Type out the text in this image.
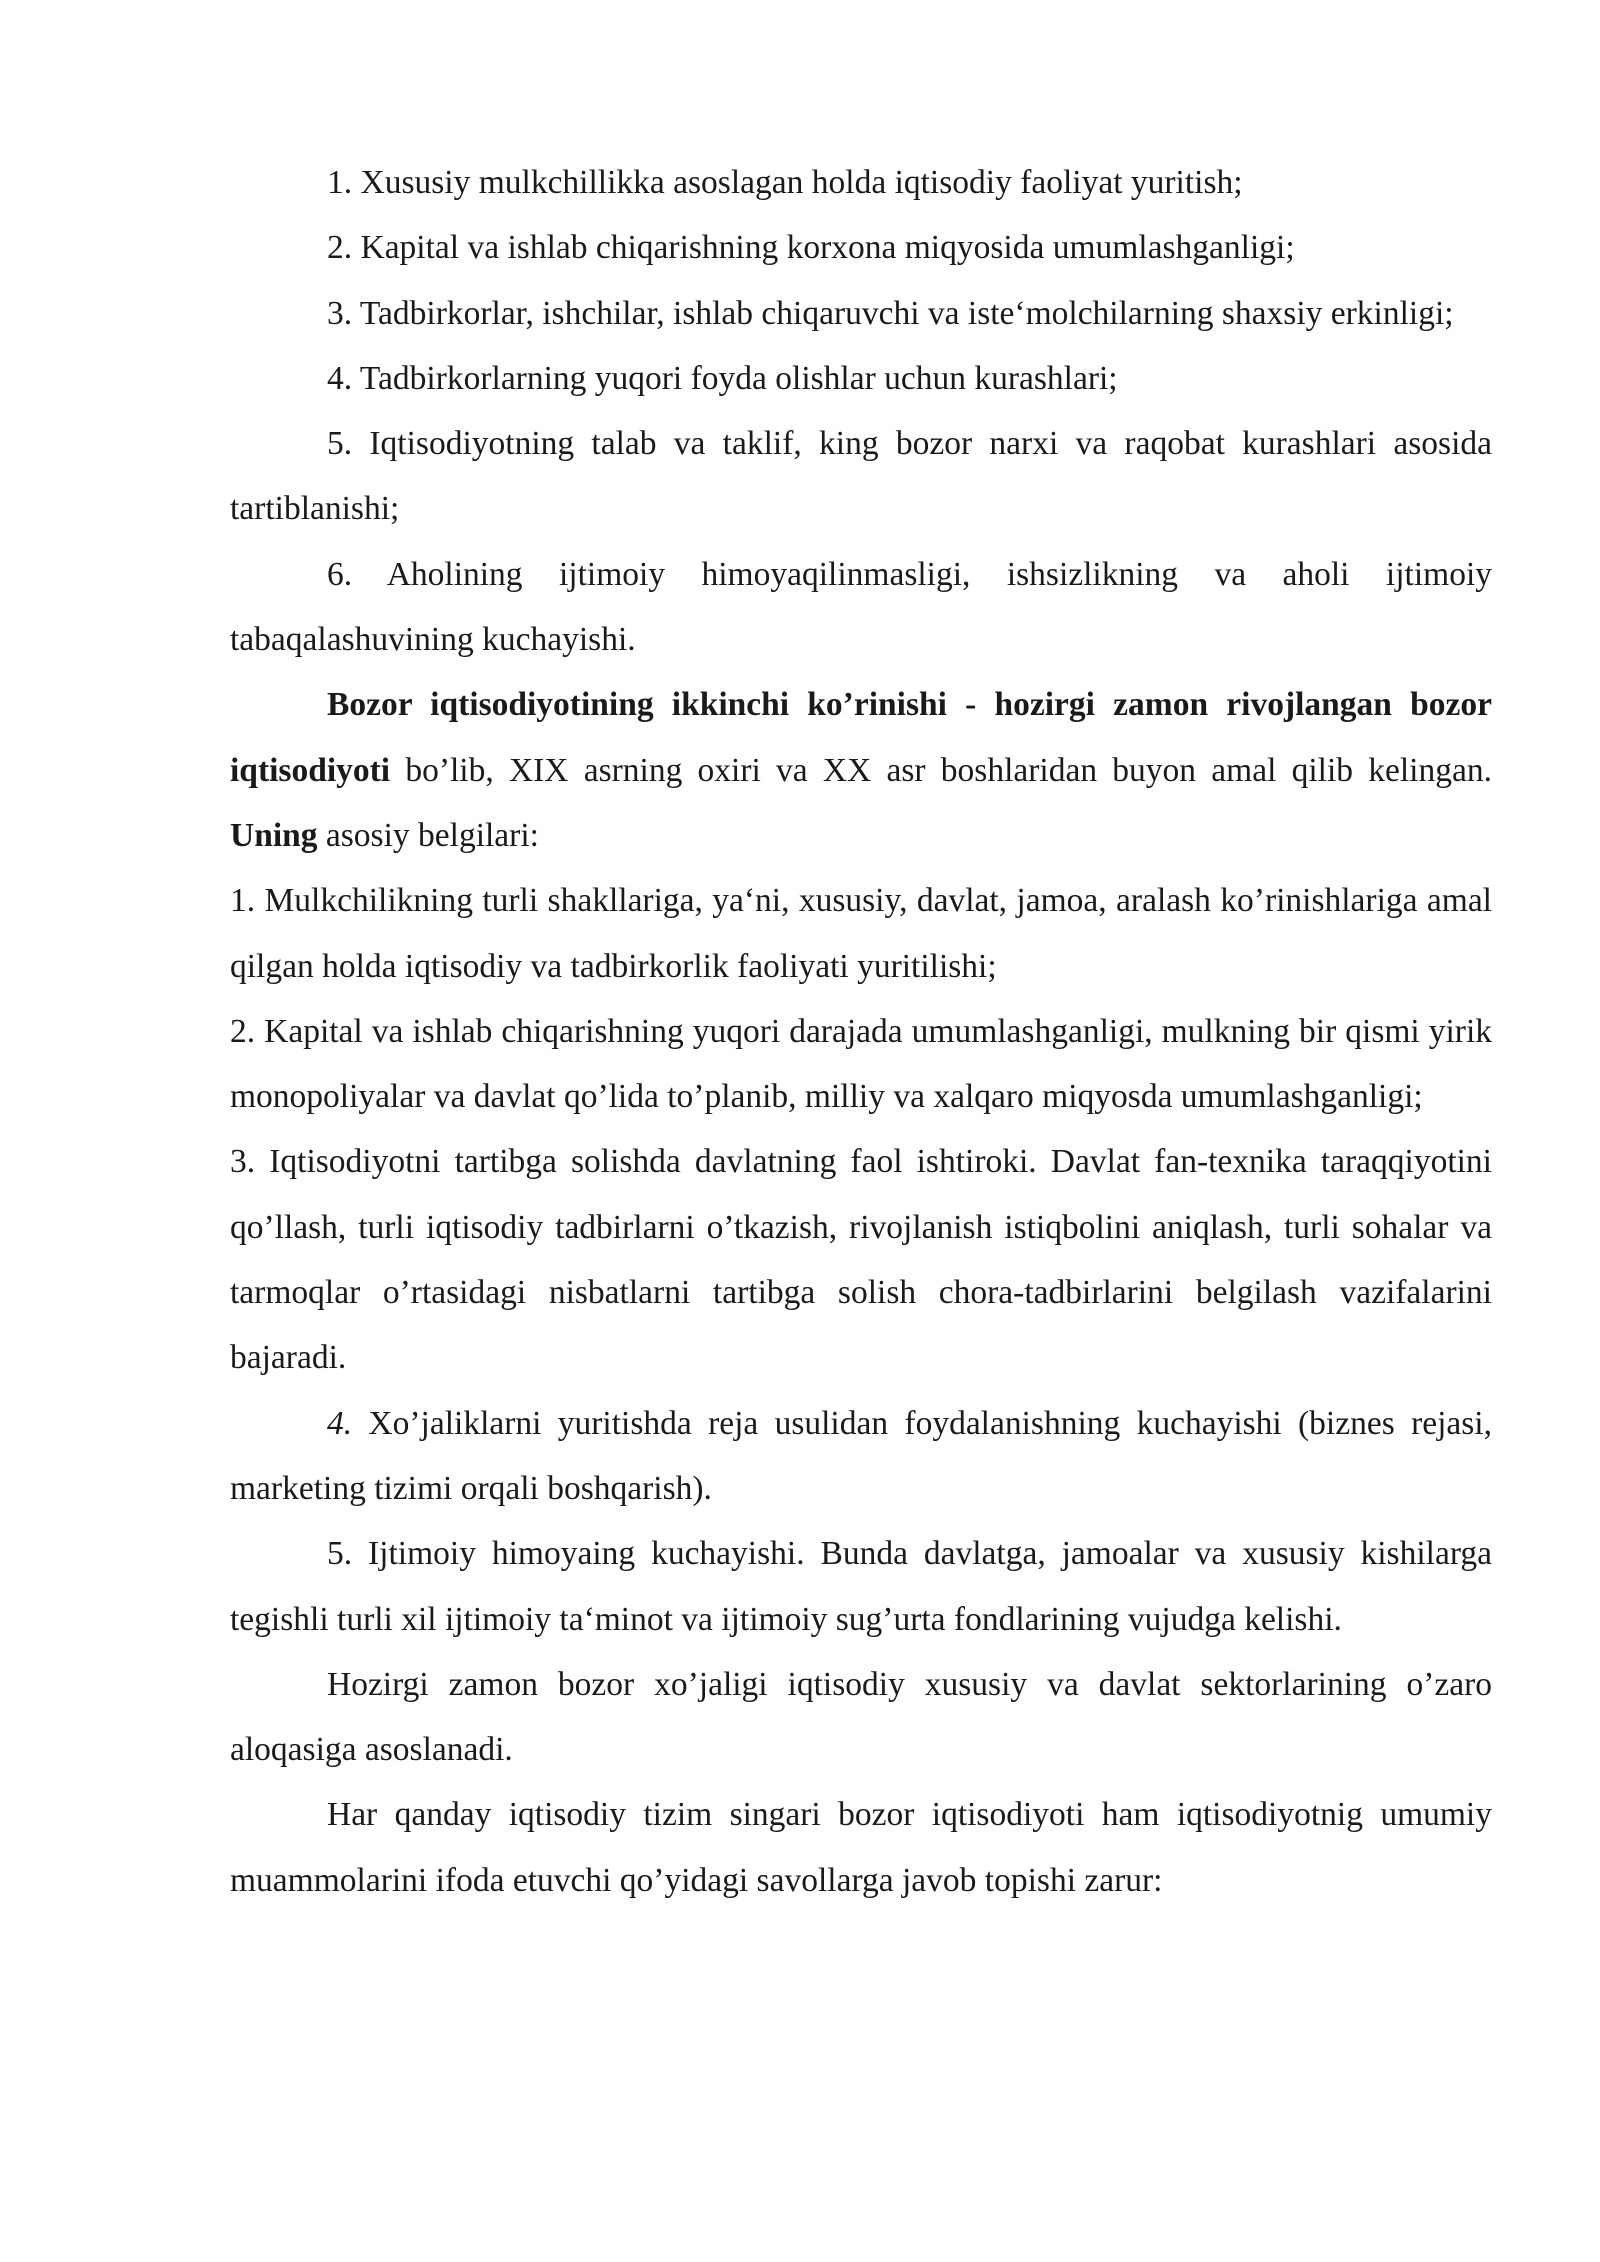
1. Xususiy mulkchillikka asoslagan holda iqtisodiy faoliyat yuritish;

2. Kapital va ishlab chiqarishning korxona miqyosida umumlashganligi;

3. Tadbirkorlar, ishchilar, ishlab chiqaruvchi va iste‘molchilarning shaxsiy erkinligi;

4. Tadbirkorlarning yuqori foyda olishlar uchun kurashlari;

5. Iqtisodiyotning talab va taklif, king bozor narxi va raqobat kurashlari asosida tartiblanishi;

6. Aholining ijtimoiy himoyaqilinmasligi, ishsizlikning va aholi ijtimoiy tabaqalashuvining kuchayishi.

Bozor iqtisodiyotining ikkinchi ko’rinishi - hozirgi zamon rivojlangan bozor iqtisodiyoti bo’lib, XIX asrning oxiri va XX asr boshlaridan buyon amal qilib kelingan. Uning asosiy belgilari:

1. Mulkchilikning turli shakllariga, ya‘ni, xususiy, davlat, jamoa, aralash ko’rinishlariga amal qilgan holda iqtisodiy va tadbirkorlik faoliyati yuritilishi;

2. Kapital va ishlab chiqarishning yuqori darajada umumlashganligi, mulkning bir qismi yirik monopoliyalar va davlat qo’lida to’planib, milliy va xalqaro miqyosda umumlashganligi;

3. Iqtisodiyotni tartibga solishda davlatning faol ishtiroki. Davlat fan-texnika taraqqiyotini qo’llash, turli iqtisodiy tadbirlarni o’tkazish, rivojlanish istiqbolini aniqlash, turli sohalar va tarmoqlar o’rtasidagi nisbatlarni tartibga solish chora-tadbirlarini belgilash vazifalarini bajaradi.

4. Xo’jaliklarni yuritishda reja usulidan foydalanishning kuchayishi (biznes rejasi, marketing tizimi orqali boshqarish).

5. Ijtimoiy himoyaing kuchayishi. Bunda davlatga, jamoalar va xususiy kishilarga tegishli turli xil ijtimoiy ta‘minot va ijtimoiy sug’urta fondlarining vujudga kelishi.

Hozirgi zamon bozor xo’jaligi iqtisodiy xususiy va davlat sektorlarining o’zaro aloqasiga asoslanadi.

Har qanday iqtisodiy tizim singari bozor iqtisodiyoti ham iqtisodiyotnig umumiy muammolarini ifoda etuvchi qo’yidagi savollarga javob topishi zarur:
